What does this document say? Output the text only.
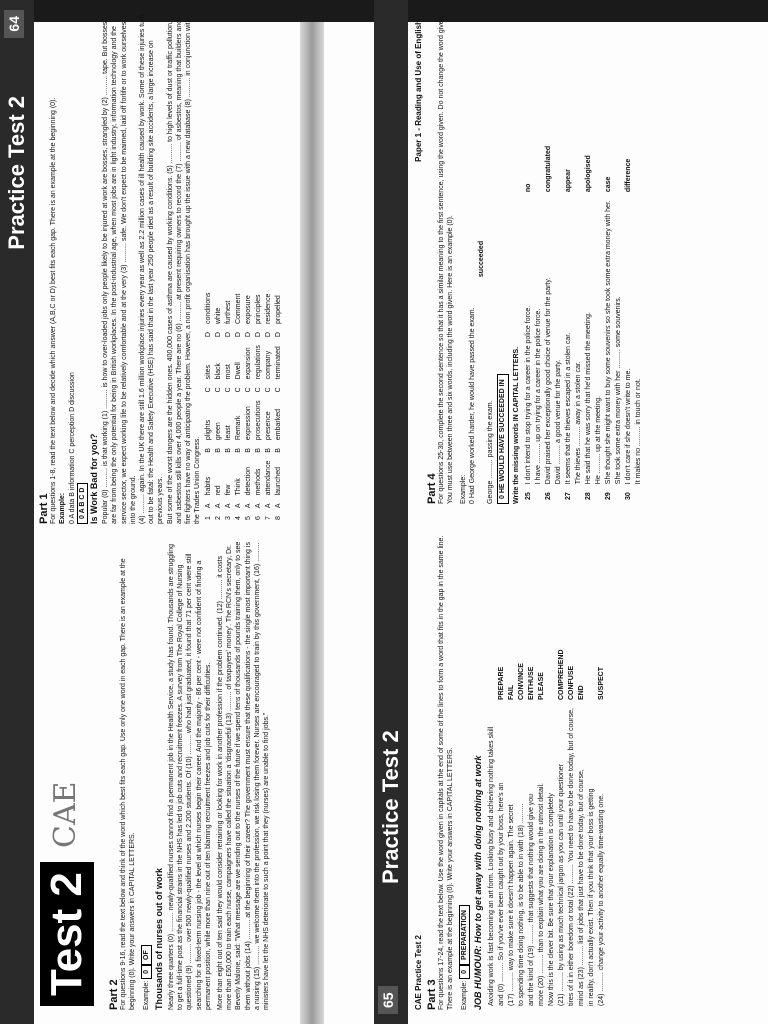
65
Practice Test 2
CAE Practice Test 2
Paper 1 - Reading and Use of English
Part 3 For questions 17-24, read the text below. Use the word given in capitals at the end of some of the lines to form a word that fits in the gap in the same line. There is an example at the beginning (0). Write your answers in CAPITAL LETTERS. Example: 0PREPARATION JOB HUMOUR: How to get away with doing nothing at work Avoiding work is fast becoming an art form. Looking busy and achieving nothing takes skill	
and (0) .......... So if you've ever been caught out by your boss, here's an	PREPARE
(17) .......... way to make sure it doesn't happen again. The secret	FAIL
to spending time doing nothing, is to be able to in with (18) ..........	CONVINCE
and the kind of (19) .......... that suggests that nothing would give you	ENTHUSE
more (20) .......... than to explain what you are doing in the utmost detail.	PLEASE
Now this is the clever bit. Be sure that your explanation is completely	
(21) .......... by using as much technical jargon as you can until your questioner	COMPREHEND
tires of it in either boredom or total (22) .......... You need to have to be done today, but of course,	CONFUSE
mind as (23) .......... list of jobs that just have to be done today, but of course,	END
in reality, don't actually exist. Then if you think that your boss is getting	
(24) .......... change your activity to another equally time-wasting one.	SUSPECT
Part 4 For questions 25-30, complete the second sentence so that it has a similar meaning to the first sentence, using the word given. Do not change the word given. You must use between three and six words, including the word given. Here is an example (0). Example: 0 Had George worked harder, he would have passed the exam.
succeeded
George .......... passing the exam. 0 HE WOULD HAVE SUCCEEDED IN Write the missing words IN CAPITAL LETTERS. 25	I don't intend to stop trying for a career in the police force.	no
	I have .......... up on trying for a career in the police force.	
26	David praised her exceptionally good choice of venue for the party.	congratulated
	David .......... a good venue for the party.	
27	It seems that the thieves escaped in a stolen car.	appear
	The thieves .......... away in a stolen car.	
28	He said that he was sorry that he'd missed the meeting.	apologised
	He .......... up at the meeting.	
29	She thought she might want to buy some souvenirs so she took some extra money with her.	case
	She took some extra money with her .......... some souvenirs.	
30	I don't care if she doesn't write to me.	difference
	It makes no .......... in touch or not.	
64
Practice Test 2
Test 2
CAE
Part 1 For questions 1-8, read the text below and decide which answer (A,B,C or D) best fits each gap. There is an example at the beginning (0). Example: 0 A data B information C perception D discussion 0 A B C D Is Work Bad for you? Popular (0) .......... is that working (1) .......... is how to over-loaded jobs only people likely to be injured at work are bosses, strangled by (2) .......... tape. But bosses are far from being the only potential for being in British workplaces. In the post-industrial age, when most jobs are in light industry, information technology and the service sector, we expect working life to be relatively comfortable and at the very (3) .......... safe. We don't expect to be maimed, laid off forlife or to work ourselves into the ground. (4) .......... again. In the UK there are still 1.6 million workplace injuries every year as well as 2.2 million cases of ill health caused by work. Some of these injuries turn out to be fatal: the Health and Safety Executive (HSE) has said that in the last year 250 people died as a result of building site accidents, a large increase on previous years. But some of the worst dangers are the hidden ones. 400,000 cases of asthma are caused by working conditions. (5) .......... to high levels of dust or traffic pollution, and asbestos still kills over 4,000 people a year. There are no (6) .......... at present requiring owners to record the (7) .......... of asbestos, meaning that builders and fire fighters have no way of anticipating the problem. However, a non profit organisation has brought up the issue with a new database (8) .......... in conjunction with the Trades Union Congress. 1	A	habits	B	plights	C	sites	D	conditions
2	A	red	B	green	C	black	D	white
3	A	few	B	least	C	most	D	furthest
4	A	Think	B	Remark	C	Dwell	D	Comment
5	A	detection	B	expression	C	expansion	D	exposure
6	A	methods	B	prosecutions	C	regulations	D	principles
7	A	attendance	B	presence	C	company	D	residence
8	A	launched	B	embarked	C	terminated	D	propelled
Part 2 For questions 9-16, read the text below and think of the word which best fits each gap. Use only one word in each gap. There is an example at the beginning (0). Write your answers in CAPITAL LETTERS. Example: 0OF Thousands of nurses out of work Nearly three quarters (0) .......... newly-qualified nurses cannot find a permanent job in the Health Service, a study has found. Thousands are struggling to get a full-time post as the financial strains in the NHS has led to job cuts and recruitment freezes. A survey from The Royal College of Nursing questioned (9) .......... over 500 newly-qualified nurses and 2,200 students. Of (10) .......... who had just graduated, it found that 71 per cent were still searching for a fixed-term nursing job - the level at which nurses begin their career. And the majority - 86 per cent - were not confident of finding a permanent position, while more than nine out of ten blaming recruitment freezes and job cuts for their difficulties. More than eight out of ten said they would consider retraining or looking for work in another profession if the problem continued. (12) .......... it costs more than £50,000 to train each nurse, campaigners have called the situation a 'disgraceful (13) .......... of taxpayers' money'. The RCN's secretary, Dr. Beverly Malone, said: "What message are we sending out to the nurses of the future if we spend tens of thousands of pounds training them, only to see them without jobs (14) .......... at the beginning of their career? The government must ensure that these qualifications - the single most important thing is a nursing (15) .......... we welcome them into the profession, we risk losing them forever. Nurses are encouraged to train by this government, (16) .......... ministers have let the NHS deteriorate to such a point that they (nurses) are unable to find jobs."
